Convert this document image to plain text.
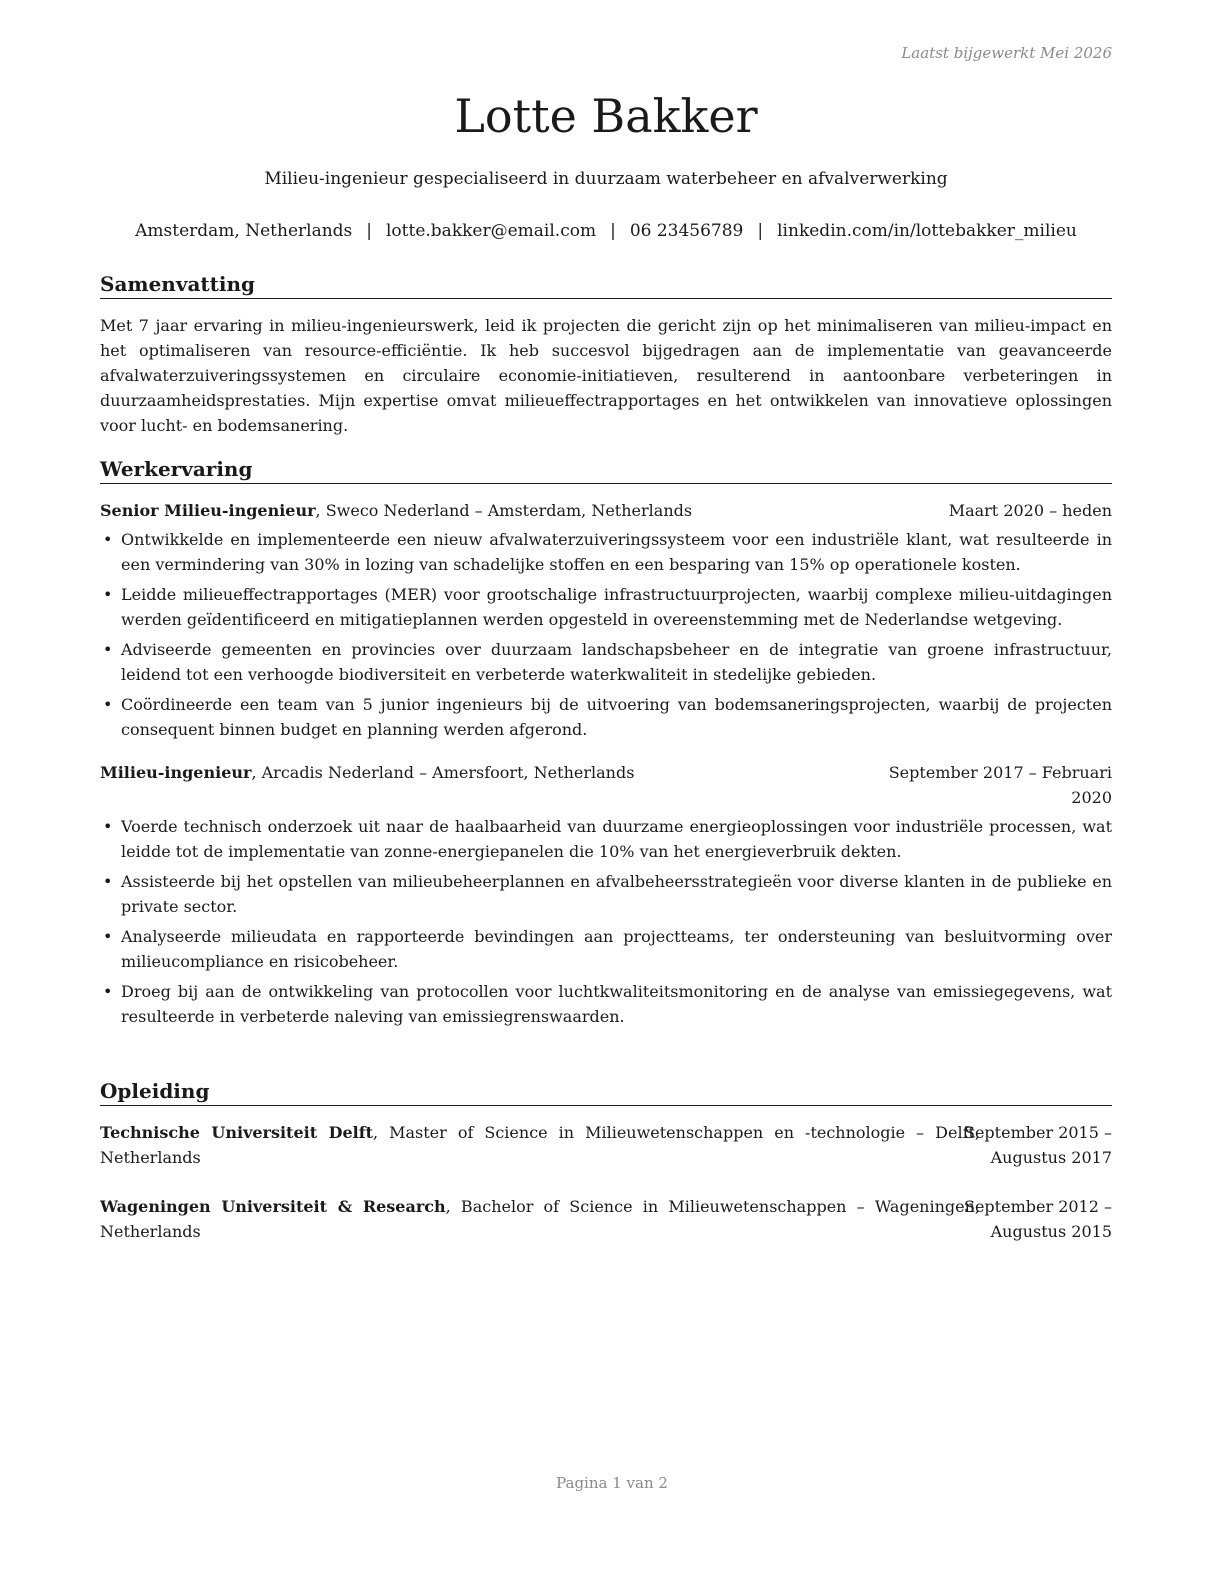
Laatst bijgewerkt Mei 2026
Lotte Bakker
Milieu-ingenieur gespecialiseerd in duurzaam waterbeheer en afvalverwerking
Amsterdam, Netherlands | lotte.bakker@email.com | 06 23456789 | linkedin.com/in/lottebakker_milieu
Samenvatting
Met 7 jaar ervaring in milieu-ingenieurswerk, leid ik projecten die gericht zijn op het minimaliseren van milieu-impact en het optimaliseren van resource-efficiëntie. Ik heb succesvol bijgedragen aan de implementatie van geavanceerde afvalwaterzuiveringssystemen en circulaire economie-initiatieven, resulterend in aantoonbare verbeteringen in duurzaamheidsprestaties. Mijn expertise omvat milieueffectrapportages en het ontwikkelen van innovatieve oplossingen voor lucht- en bodemsanering.
Werkervaring
Senior Milieu-ingenieur, Sweco Nederland – Amsterdam, Netherlands	Maart 2020 – heden
• Ontwikkelde en implementeerde een nieuw afvalwaterzuiveringssysteem voor een industriële klant, wat resulteerde in een vermindering van 30% in lozing van schadelijke stoffen en een besparing van 15% op operationele kosten.
• Leidde milieueffectrapportages (MER) voor grootschalige infrastructuurprojecten, waarbij complexe milieu-uitdagingen werden geïdentificeerd en mitigatieplannen werden opgesteld in overeenstemming met de Nederlandse wetgeving.
• Adviseerde gemeenten en provincies over duurzaam landschapsbeheer en de integratie van groene infrastructuur, leidend tot een verhoogde biodiversiteit en verbeterde waterkwaliteit in stedelijke gebieden.
• Coördineerde een team van 5 junior ingenieurs bij de uitvoering van bodemsaneringsprojecten, waarbij de projecten consequent binnen budget en planning werden afgerond.
Milieu-ingenieur, Arcadis Nederland – Amersfoort, Netherlands	September 2017 – Februari 2020
• Voerde technisch onderzoek uit naar de haalbaarheid van duurzame energieoplossingen voor industriële processen, wat leidde tot de implementatie van zonne-energiepanelen die 10% van het energieverbruik dekten.
• Assisteerde bij het opstellen van milieubeheerplannen en afvalbeheersstrategieën voor diverse klanten in de publieke en private sector.
• Analyseerde milieudata en rapporteerde bevindingen aan projectteams, ter ondersteuning van besluitvorming over milieucompliance en risicobeheer.
• Droeg bij aan de ontwikkeling van protocollen voor luchtkwaliteitsmonitoring en de analyse van emissiegegevens, wat resulteerde in verbeterde naleving van emissiegrenswaarden.
Opleiding
Technische Universiteit Delft, Master of Science in Milieuwetenschappen en -technologie – Delft, Netherlands
September 2015 – Augustus 2017
Wageningen Universiteit & Research, Bachelor of Science in Milieuwetenschappen – Wageningen, Netherlands
September 2012 – Augustus 2015
Pagina 1 van 2
